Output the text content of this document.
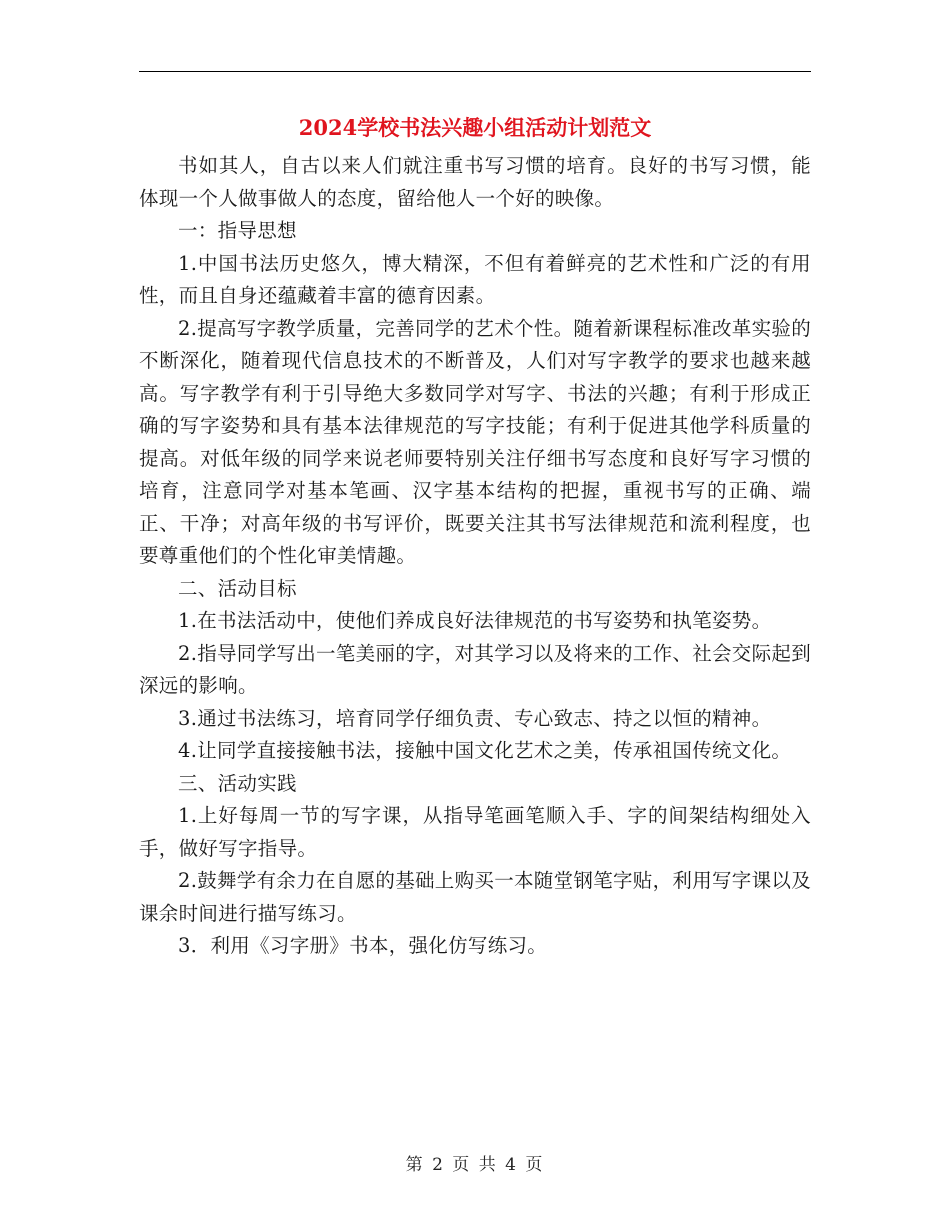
2024学校书法兴趣小组活动计划范文

书如其人，自古以来人们就注重书写习惯的培育。良好的书写习惯，能体现一个人做事做人的态度，留给他人一个好的映像。

一：指导思想

1.中国书法历史悠久，博大精深，不但有着鲜亮的艺术性和广泛的有用性，而且自身还蕴藏着丰富的德育因素。

2.提高写字教学质量，完善同学的艺术个性。随着新课程标准改革实验的不断深化，随着现代信息技术的不断普及，人们对写字教学的要求也越来越高。写字教学有利于引导绝大多数同学对写字、书法的兴趣；有利于形成正确的写字姿势和具有基本法律规范的写字技能；有利于促进其他学科质量的提高。对低年级的同学来说老师要特别关注仔细书写态度和良好写字习惯的培育，注意同学对基本笔画、汉字基本结构的把握，重视书写的正确、端正、干净；对高年级的书写评价，既要关注其书写法律规范和流利程度，也要尊重他们的个性化审美情趣。

二、活动目标

1.在书法活动中，使他们养成良好法律规范的书写姿势和执笔姿势。

2.指导同学写出一笔美丽的字，对其学习以及将来的工作、社会交际起到深远的影响。

3.通过书法练习，培育同学仔细负责、专心致志、持之以恒的精神。

4.让同学直接接触书法，接触中国文化艺术之美，传承祖国传统文化。

三、活动实践

1.上好每周一节的写字课，从指导笔画笔顺入手、字的间架结构细处入手，做好写字指导。

2.鼓舞学有余力在自愿的基础上购买一本随堂钢笔字贴，利用写字课以及课余时间进行描写练习。

3．利用《习字册》书本，强化仿写练习。

第 2 页 共 4 页
